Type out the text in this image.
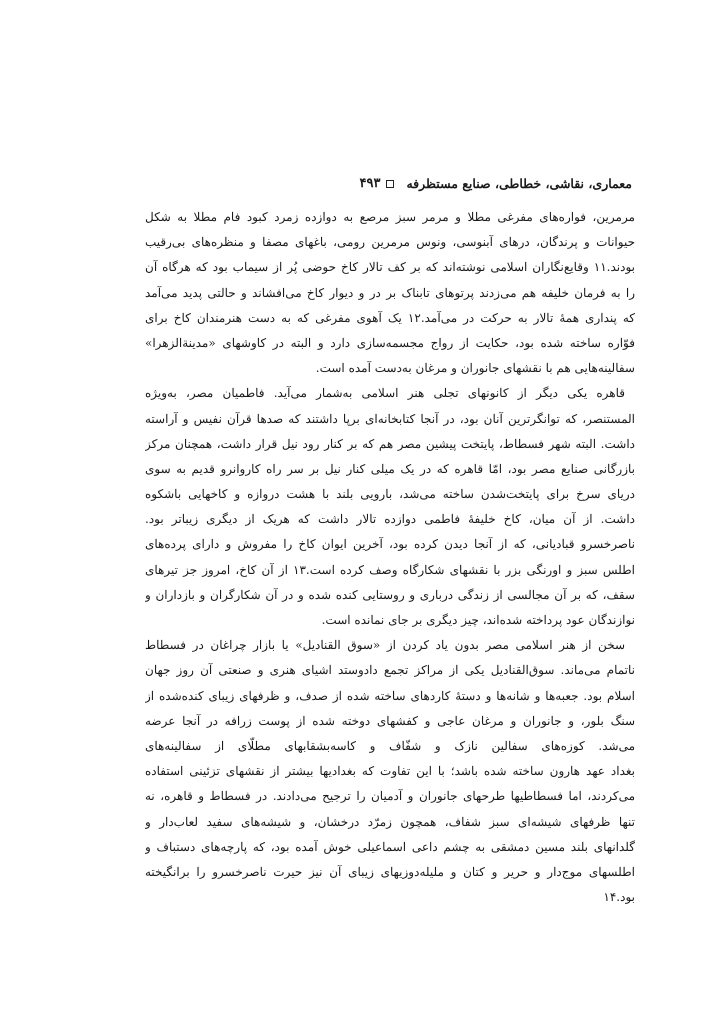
معماری، نقاشی، خطاطی، صنایع مستظرفه
۴۹۳
مرمرین، فواره‌های مفرغی مطلا و مرمر سبز مرصع به دوازده زمرد کبود فام مطلا به شکل
حیوانات و پرندگان، درهای آبنوسی، ونوس مرمرین رومی، باغهای مصفا و منظره‌های بی‌رقیب
بودند.۱۱ وقایع‌نگاران اسلامی نوشته‌اند که بر کف تالار کاخ حوضی پُر از سیماب بود که هرگاه آن
را به فرمان خلیفه هم می‌زدند پرتوهای تابناک بر در و دیوار کاخ می‌افشاند و حالتی پدید می‌آمد
که پنداری همهٔ تالار به حرکت در می‌آمد.۱۲ یک آهوی مفرغی که به دست هنرمندان کاخ برای
فوّاره ساخته شده بود، حکایت از رواج مجسمه‌سازی دارد و البته در کاوشهای «مدینة‌الزهرا»
سفالینه‌هایی هم با نقشهای جانوران و مرغان به‌دست آمده است.
قاهره یکی دیگر از کانونهای تجلی هنر اسلامی به‌شمار می‌آید. فاطمیان مصر، به‌ویژه
المستنصر، که توانگرترین آنان بود، در آنجا کتابخانه‌ای برپا داشتند که صدها قرآن نفیس و آراسته
داشت. البته شهر فسطاط، پایتخت پیشین مصر هم که بر کنار رود نیل قرار داشت، همچنان مرکز
بازرگانی صنایع مصر بود، امّا قاهره که در یک میلی کنار نیل بر سر راه کاروانرو قدیم به سوی
دریای سرخ برای پایتخت‌شدن ساخته می‌شد، بارویی بلند با هشت دروازه و کاخهایی باشکوه
داشت. از آن میان، کاخ خلیفهٔ فاطمی دوازده تالار داشت که هریک از دیگری زیباتر بود.
ناصرخسرو قبادیانی، که از آنجا دیدن کرده بود، آخرین ایوان کاخ را مفروش و دارای پرده‌های
اطلس سبز و اورنگی بزر با نقشهای شکارگاه وصف کرده است.۱۳ از آن کاخ، امروز جز تیرهای
سقف، که بر آن مجالسی از زندگی درباری و روستایی کنده شده و در آن شکارگران و بازداران و
نوازندگان عود پرداخته شده‌اند، چیز دیگری بر جای نمانده است.
سخن از هنر اسلامی مصر بدون یاد کردن از «سوق القنادیل» یا بازار چراغان در فسطاط
ناتمام می‌ماند. سوق‌القنادیل یکی از مراکز تجمع دادوستد اشیای هنری و صنعتی آن روز جهان
اسلام بود. جعبه‌ها و شانه‌ها و دستهٔ کاردهای ساخته شده از صدف، و ظرفهای زیبای کنده‌شده از
سنگ بلور، و جانوران و مرغان عاجی و کفشهای دوخته شده از پوست زرافه در آنجا عرضه
می‌شد. کوزه‌های سفالین نازک و شفّاف و کاسه‌بشقابهای مطلّای از سفالینه‌های
بغداد عهد هارون ساخته شده باشد؛ با این تفاوت که بغدادیها بیشتر از نقشهای تزئینی استفاده
می‌کردند، اما فسطاطیها طرحهای جانوران و آدمیان را ترجیح می‌دادند. در فسطاط و قاهره، نه
تنها ظرفهای شیشه‌ای سبز شفاف، همچون زمرّد درخشان، و شیشه‌های سفید لعاب‌دار و
گلدانهای بلند مسین دمشقی به چشم داعی اسماعیلی خوش آمده بود، که پارچه‌های دستباف و
اطلسهای موج‌دار و حریر و کتان و ملیله‌دوزیهای زیبای آن نیز حیرت ناصرخسرو را برانگیخته
بود.۱۴
